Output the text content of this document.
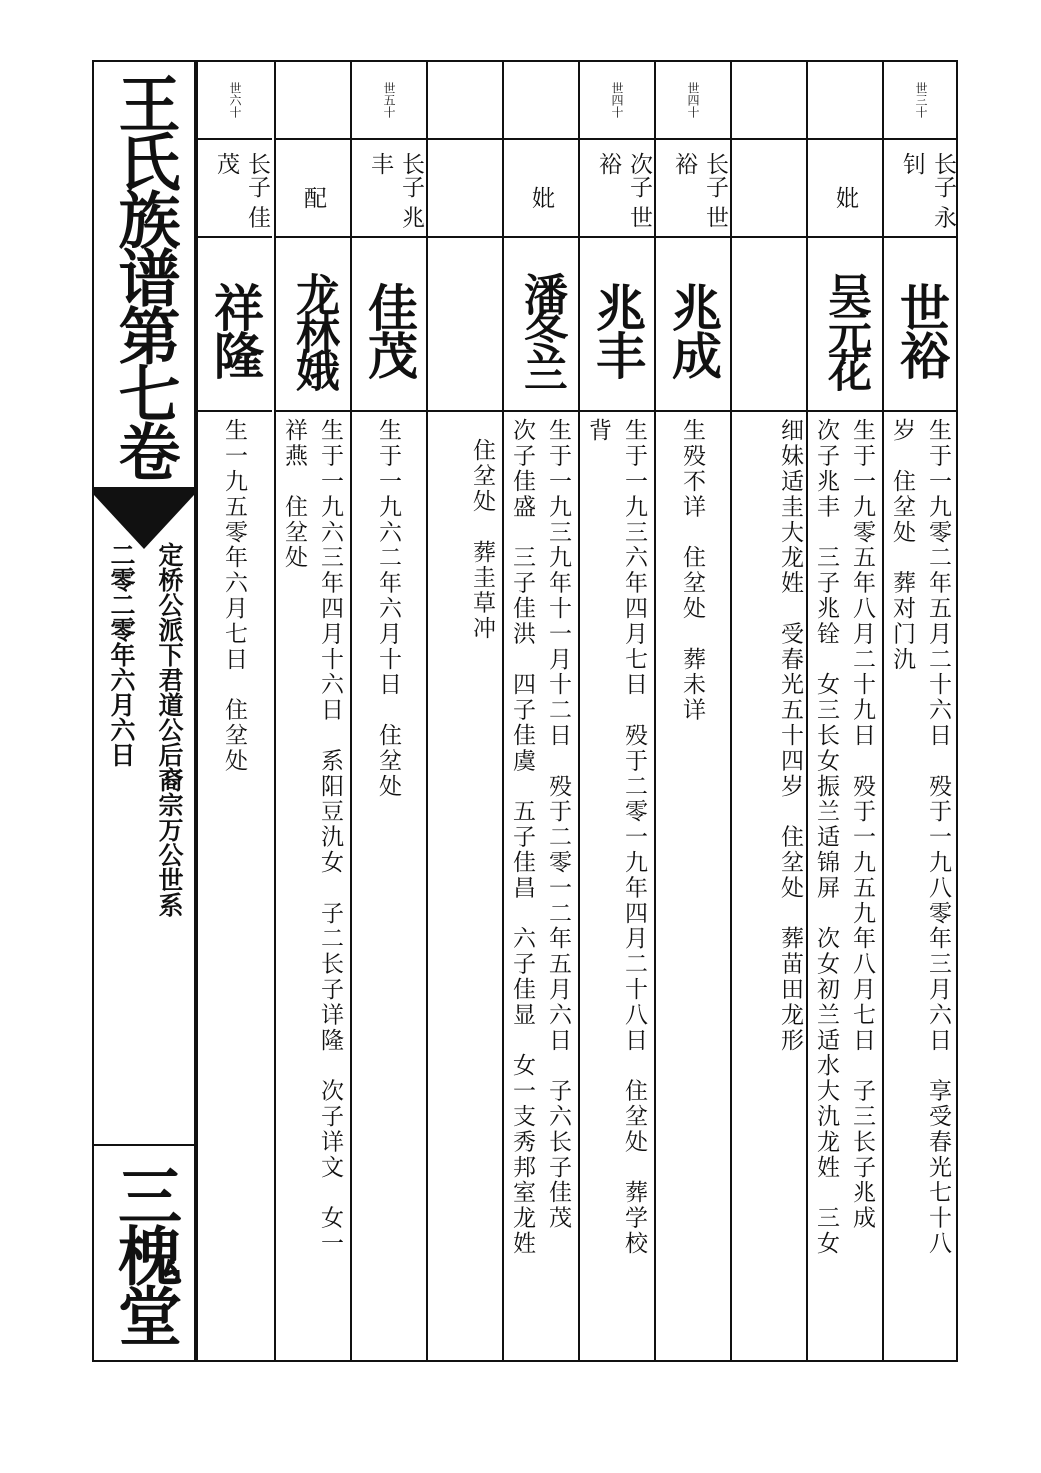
王氏族谱第七卷
定桥公派下君道公后裔宗万公世系
二零二零年六月六日
三槐堂
世三十
长子 永钊
世裕
生于一九零二年五月二十六日　殁于一九八零年三月六日　享受春光七十八
岁　住坌处　葬对门氿
妣
吴元花
生于一九零五年八月二十九日　殁于一九五九年八月七日　子三长子兆成
次子兆丰　三子兆铨　女三长女振兰适锦屏　次女初兰适水大氿龙姓　三女
细妹适圭大龙姓　受春光五十四岁　住坌处　葬苗田龙形
世四十
长子 世裕
兆成
生殁不详　住坌处　葬未详
世四十
次子 世裕
兆丰
生于一九三六年四月七日　殁于二零一九年四月二十八日　住坌处　葬学校
背
妣
潘冬兰
生于一九三九年十一月十二日　殁于二零一二年五月六日　子六长子佳茂
次子佳盛　三子佳洪　四子佳虞　五子佳昌　六子佳显　女一支秀邦室龙姓
住坌处　葬圭草冲
世五十
长子 兆丰
佳茂
生于一九六二年六月十日　住坌处
配
龙林娥
生于一九六三年四月十六日　系阳豆氿女　子二长子详隆　次子详文　女一
祥燕　住坌处
世六十
长子 佳茂
祥隆
生一九五零年六月七日　住坌处
